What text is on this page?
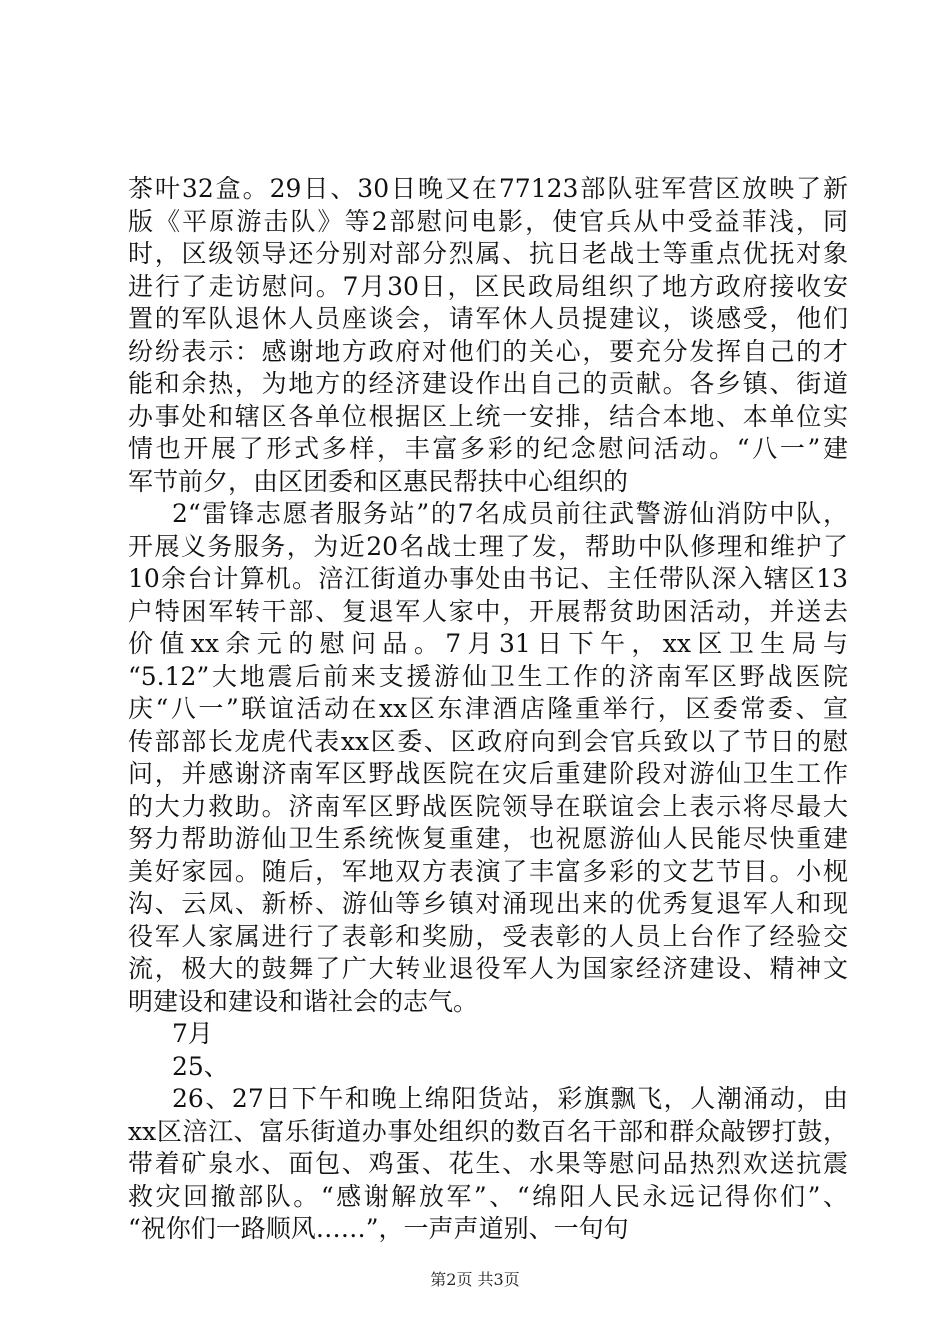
茶叶32盒。29日、30日晚又在77123部队驻军营区放映了新
版《平原游击队》等2部慰问电影，使官兵从中受益菲浅，同
时，区级领导还分别对部分烈属、抗日老战士等重点优抚对象
进行了走访慰问。7月30日，区民政局组织了地方政府接收安
置的军队退休人员座谈会，请军休人员提建议，谈感受，他们
纷纷表示：感谢地方政府对他们的关心，要充分发挥自己的才
能和余热，为地方的经济建设作出自己的贡献。各乡镇、街道
办事处和辖区各单位根据区上统一安排，结合本地、本单位实
情也开展了形式多样，丰富多彩的纪念慰问活动。“八一”建
军节前夕，由区团委和区惠民帮扶中心组织的
2“雷锋志愿者服务站”的7名成员前往武警游仙消防中队，
开展义务服务，为近20名战士理了发，帮助中队修理和维护了
10余台计算机。涪江街道办事处由书记、主任带队深入辖区13
户特困军转干部、复退军人家中，开展帮贫助困活动，并送去
价值xx余元的慰问品。7月31日下午，xx区卫生局与
“5.12”大地震后前来支援游仙卫生工作的济南军区野战医院
庆“八一”联谊活动在xx区东津酒店隆重举行，区委常委、宣
传部部长龙虎代表xx区委、区政府向到会官兵致以了节日的慰
问，并感谢济南军区野战医院在灾后重建阶段对游仙卫生工作
的大力救助。济南军区野战医院领导在联谊会上表示将尽最大
努力帮助游仙卫生系统恢复重建，也祝愿游仙人民能尽快重建
美好家园。随后，军地双方表演了丰富多彩的文艺节目。小枧
沟、云凤、新桥、游仙等乡镇对涌现出来的优秀复退军人和现
役军人家属进行了表彰和奖励，受表彰的人员上台作了经验交
流，极大的鼓舞了广大转业退役军人为国家经济建设、精神文
明建设和建设和谐社会的志气。
7月
25、
26、27日下午和晚上绵阳货站，彩旗飘飞，人潮涌动，由
xx区涪江、富乐街道办事处组织的数百名干部和群众敲锣打鼓，
带着矿泉水、面包、鸡蛋、花生、水果等慰问品热烈欢送抗震
救灾回撤部队。“感谢解放军”、“绵阳人民永远记得你们”、
“祝你们一路顺风……”，一声声道别、一句句
第2页 共3页
